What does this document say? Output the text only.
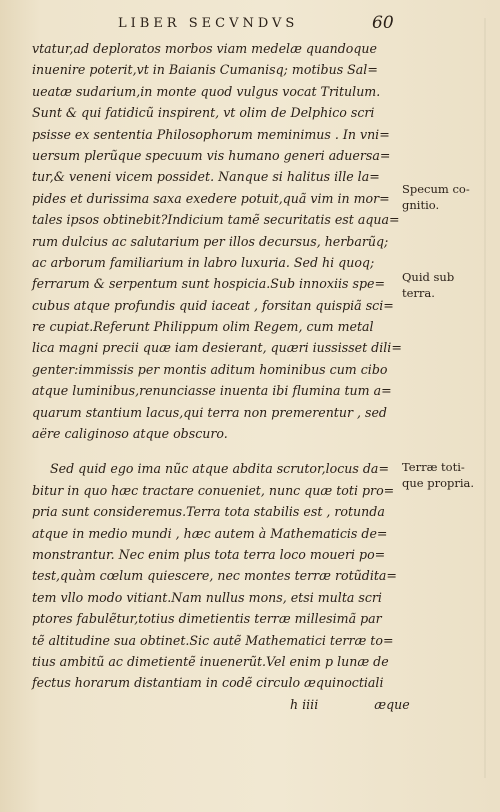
LIBER SECVNDVS	60
vtatur,ad deploratos morbos viam medelæ quandoque
inuenire poterit,vt in Baianis Cumanisq; motibus Sal=
ueatæ sudarium,in monte quod vulgus vocat Tritulum.
Sunt & qui fatidicũ inspirent, vt olim de Delphico scri
psisse ex sententia Philosophorum meminimus . In vni=
uersum plerũque specuum vis humano generi aduersa=
tur,& veneni vicem possidet. Nanque si halitus ille la=
pides et durissima saxa exedere potuit,quã vim in mor=
tales ipsos obtinebit?Indicium tamẽ securitatis est aqua=
rum dulcius ac salutarium per illos decursus, herbarũq;
ac arborum familiarium in labro luxuria. Sed hi quoq;
ferrarum & serpentum sunt hospicia.Sub innoxiis spe=
cubus atque profundis quid iaceat , forsitan quispiã sci=
re cupiat.Referunt Philippum olim Regem, cum metal
lica magni precii quæ iam desierant, quæri iussisset dili=
genter:immissis per montis aditum hominibus cum cibo
atque luminibus,renunciasse inuenta ibi flumina tum a=
quarum stantium lacus,qui terra non premerentur , sed
aëre caliginoso atque obscuro.
Sed quid ego ima nũc atque abdita scrutor,locus da=
bitur in quo hæc tractare conueniet, nunc quæ toti pro=
pria sunt consideremus.Terra tota stabilis est , rotunda
atque in medio mundi , hæc autem à Mathematicis de=
monstrantur. Nec enim plus tota terra loco moueri po=
test,quàm cœlum quiescere, nec montes terræ rotũdita=
tem vllo modo vitiant.Nam nullus mons, etsi multa scri
ptores fabulẽtur,totius dimetientis terræ millesimã par
tẽ altitudine sua obtinet.Sic autẽ Mathematici terræ to=
tius ambitũ ac dimetientẽ inuenerũt.Vel enim p lunæ de
fectus horarum distantiam in codẽ circulo æquinoctiali
h iiii	æque
Specum co-
gnitio.
Quid sub
terra.
Terræ toti-
que propria.
